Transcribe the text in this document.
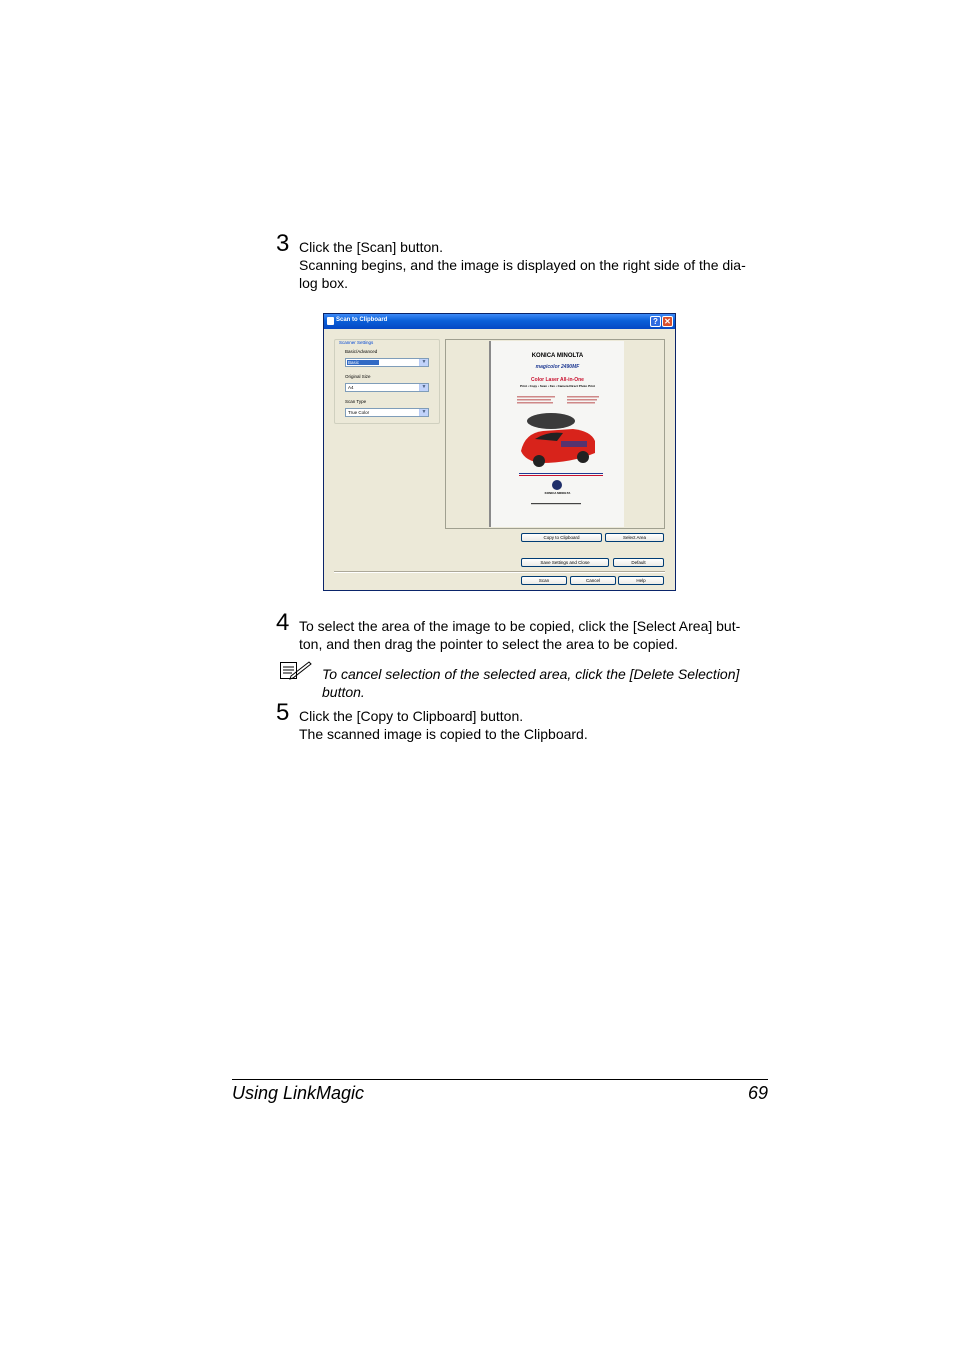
3 Click the [Scan] button.
Scanning begins, and the image is displayed on the right side of the dia-
log box.
Scan to Clipboard	? ✕
Scanner Settings
Basic/Advanced
Basic	▼
Original Size
A4	▼
Scan Type
True Color	▼
KONICA MINOLTA
magicolor 2490MF
Color Laser All-in-One
Print • Copy • Scan • Fax • Camera Direct Photo Print
KONICA MINOLTA
Copy to Clipboard	Select Area
Save Settings and Close	Default
Scan	Cancel	Help
4 To select the area of the image to be copied, click the [Select Area] but-
ton, and then drag the pointer to select the area to be copied.
To cancel selection of the selected area, click the [Delete Selection]
button.
5 Click the [Copy to Clipboard] button.
The scanned image is copied to the Clipboard.
Using LinkMagic	69
